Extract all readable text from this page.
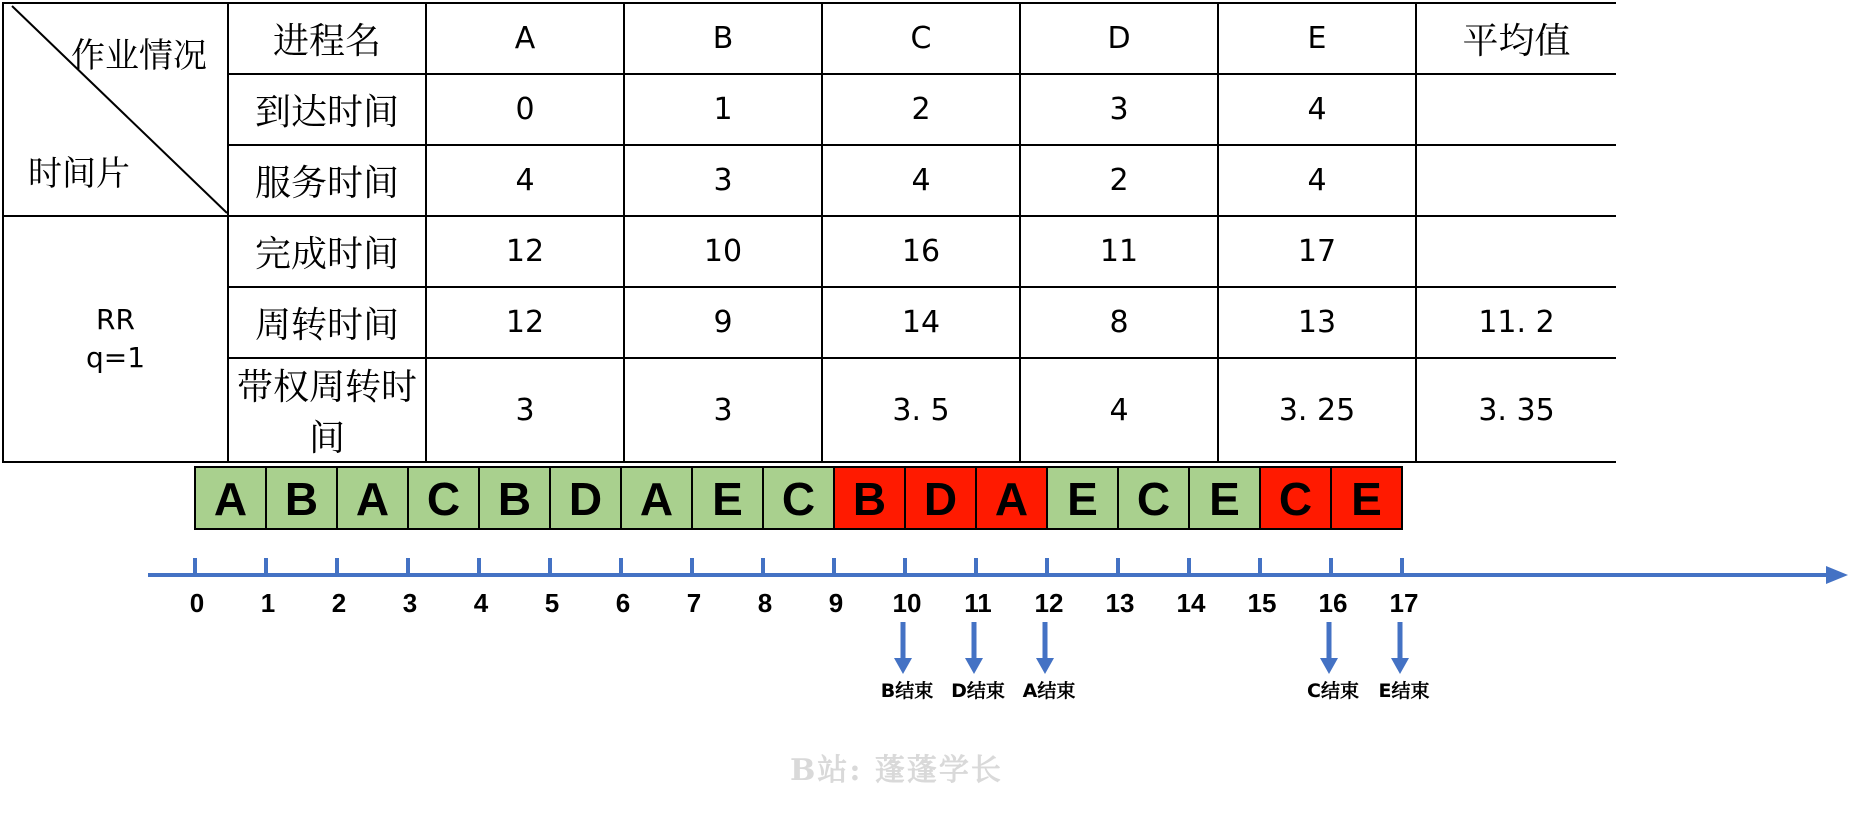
作业情况
时间片	进程名	A	B	C	D	E	平均值
	到达时间	0	1	2	3	4	
	服务时间	4	3	4	2	4	

RR
q=1	完成时间	12	10	16	11	17	
	周转时间	12	9	14	8	13	11. 2
	带权周转时间	3	3	3. 5	4	3. 25	3. 35
A B A C B D A E C B D A E C E C E
0 1 2 3 4 5 6 7 8 9 10 11 12 13 14 15 16 17
B结束 D结束 A结束	C结束 E结束
B站: 蓬蓬学长
